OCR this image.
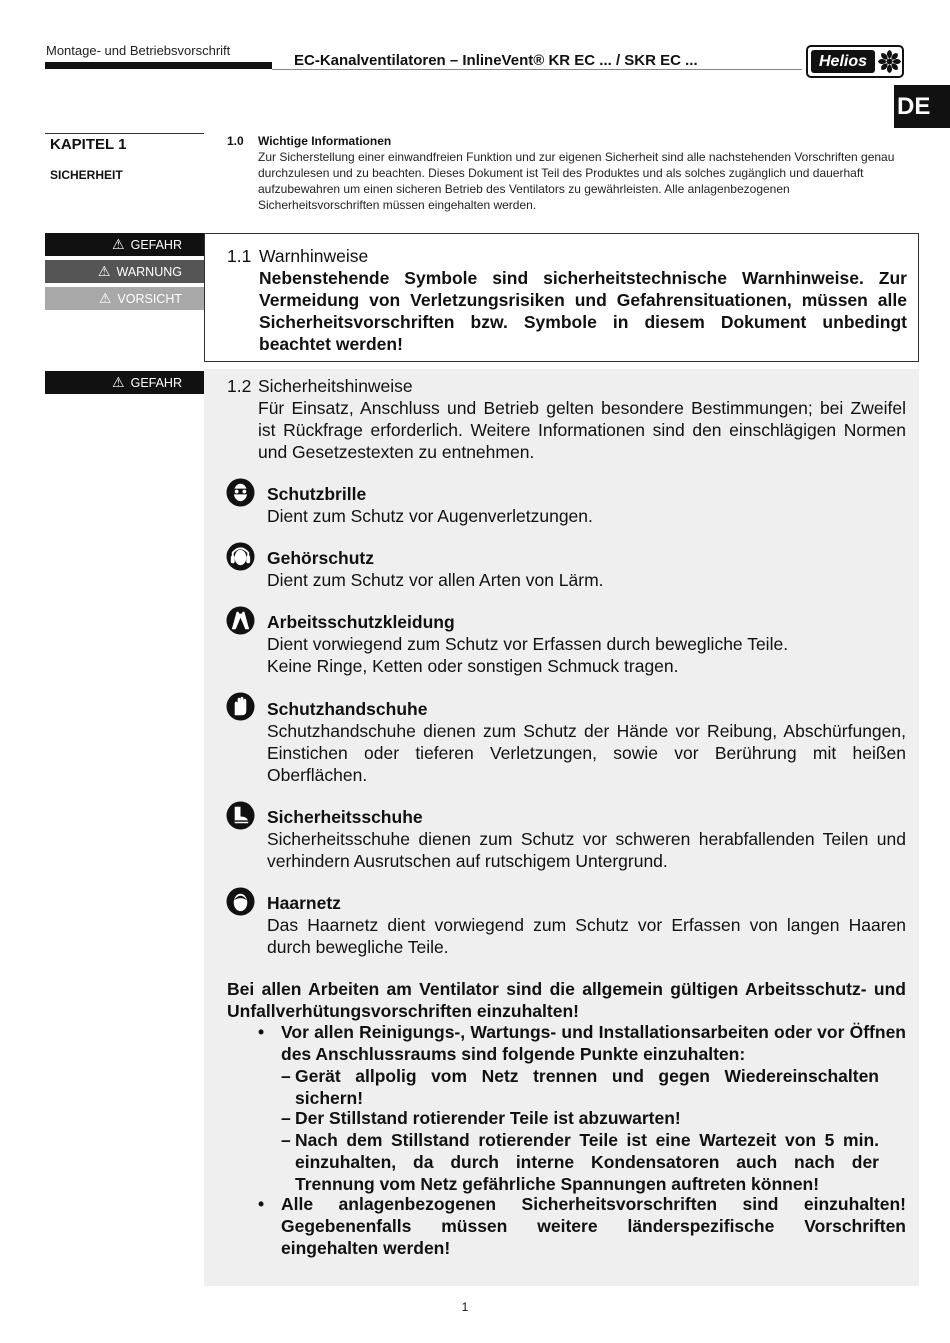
Montage- und Betriebsvorschrift
EC-Kanalventilatoren – InlineVent® KR EC ... / SKR EC ...	Helios
DE
KAPITEL 1
SICHERHEIT
1.0 Wichtige Informationen
Zur Sicherstellung einer einwandfreien Funktion und zur eigenen Sicherheit sind alle nachstehenden Vorschriften genau durchzulesen und zu beachten. Dieses Dokument ist Teil des Produktes und als solches zugänglich und dauerhaft aufzubewahren um einen sicheren Betrieb des Ventilators zu gewährleisten. Alle anlagenbezogenen Sicherheitsvorschriften müssen eingehalten werden.
⚠ GEFAHR
⚠ WARNUNG
⚠ VORSICHT
1.1 Warnhinweise
Nebenstehende Symbole sind sicherheitstechnische Warnhinweise. Zur Vermeidung von Verletzungsrisiken und Gefahrensituationen, müssen alle Sicherheitsvorschriften bzw. Symbole in diesem Dokument unbedingt beachtet werden!
⚠ GEFAHR	1.2 Sicherheitshinweise
Für Einsatz, Anschluss und Betrieb gelten besondere Bestimmungen; bei Zweifel ist Rückfrage erforderlich. Weitere Informationen sind den einschlägigen Normen und Gesetzestexten zu entnehmen.
Schutzbrille
Dient zum Schutz vor Augenverletzungen.
Gehörschutz
Dient zum Schutz vor allen Arten von Lärm.
Arbeitsschutzkleidung
Dient vorwiegend zum Schutz vor Erfassen durch bewegliche Teile.
Keine Ringe, Ketten oder sonstigen Schmuck tragen.
Schutzhandschuhe
Schutzhandschuhe dienen zum Schutz der Hände vor Reibung, Abschürfungen, Einstichen oder tieferen Verletzungen, sowie vor Berührung mit heißen Oberflächen.
Sicherheitsschuhe
Sicherheitsschuhe dienen zum Schutz vor schweren herabfallenden Teilen und verhindern Ausrutschen auf rutschigem Untergrund.
Haarnetz
Das Haarnetz dient vorwiegend zum Schutz vor Erfassen von langen Haaren durch bewegliche Teile.
Bei allen Arbeiten am Ventilator sind die allgemein gültigen Arbeitsschutz- und Unfallverhütungsvorschriften einzuhalten!
• Vor allen Reinigungs-, Wartungs- und Installationsarbeiten oder vor Öffnen des Anschlussraums sind folgende Punkte einzuhalten:
– Gerät allpolig vom Netz trennen und gegen Wiedereinschalten sichern!
– Der Stillstand rotierender Teile ist abzuwarten!
– Nach dem Stillstand rotierender Teile ist eine Wartezeit von 5 min. einzuhalten, da durch interne Kondensatoren auch nach der Trennung vom Netz gefährliche Spannungen auftreten können!
• Alle anlagenbezogenen Sicherheitsvorschriften sind einzuhalten! Gegebenenfalls müssen weitere länderspezifische Vorschriften eingehalten werden!
1
